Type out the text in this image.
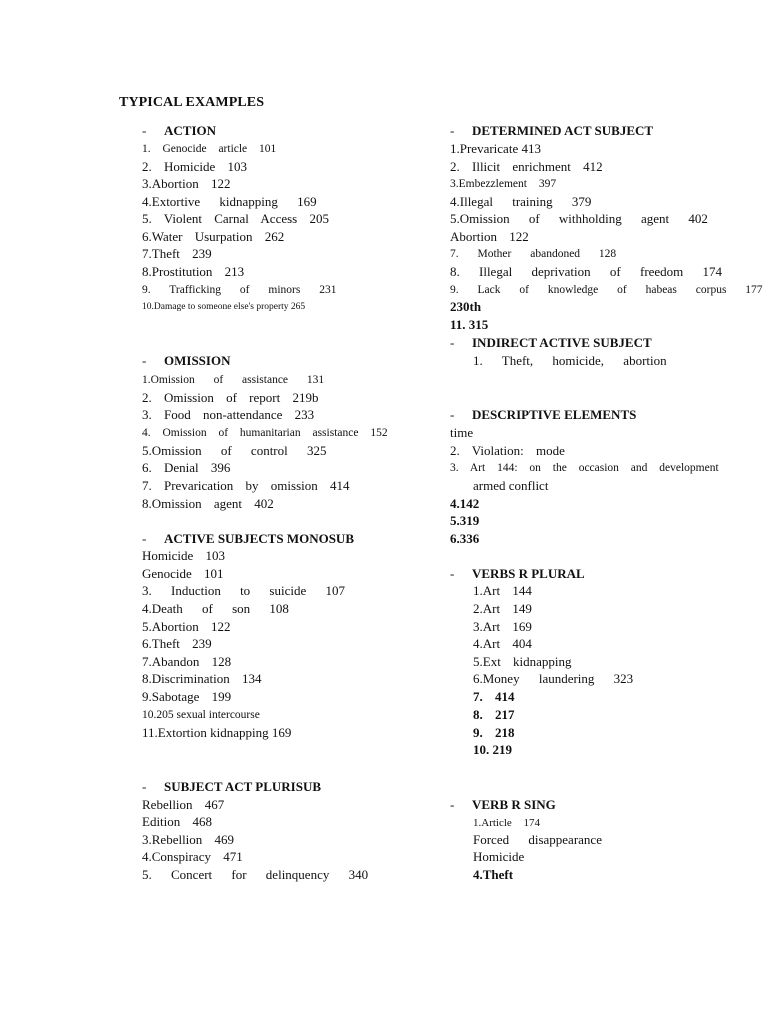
TYPICAL EXAMPLES
- ACTION
1. Genocide article 101
2. Homicide 103
3.Abortion 122
4.Extortive kidnapping 169
5. Violent Carnal Access 205
6.Water Usurpation 262
7.Theft 239
8.Prostitution 213
9. Trafficking of minors 231
10.Damage to someone else's property 265
- OMISSION
1.Omission of assistance 131
2. Omission of report 219b
3. Food non-attendance 233
4. Omission of humanitarian assistance 152
5.Omission of control 325
6. Denial 396
7. Prevarication by omission 414
8.Omission agent 402
- ACTIVE SUBJECTS MONOSUB
Homicide 103
Genocide 101
3. Induction to suicide 107
4.Death of son 108
5.Abortion 122
6.Theft 239
7.Abandon 128
8.Discrimination 134
9.Sabotage 199
10.205 sexual intercourse
11.Extortion kidnapping 169
- SUBJECT ACT PLURISUB
Rebellion 467
Edition 468
3.Rebellion 469
4.Conspiracy 471
5. Concert for delinquency 340
- DETERMINED ACT SUBJECT
1.Prevaricate 413
2. Illicit enrichment 412
3.Embezzlement 397
4.Illegal training 379
5.Omission of withholding agent 402
Abortion 122
7. Mother abandoned 128
8. Illegal deprivation of freedom 174
9. Lack of knowledge of habeas corpus 177
230th
11. 315
- INDIRECT ACTIVE SUBJECT
1. Theft, homicide, abortion
- DESCRIPTIVE ELEMENTS
time
2. Violation: mode
3. Art 144: on the occasion and development
armed conflict
4.142
5.319
6.336
- VERBS R PLURAL
1.Art 144
2.Art 149
3.Art 169
4.Art 404
5.Ext kidnapping
6.Money laundering 323
7. 414
8. 217
9. 218
10. 219
- VERB R SING
1.Article 174
Forced disappearance
Homicide
4.Theft
